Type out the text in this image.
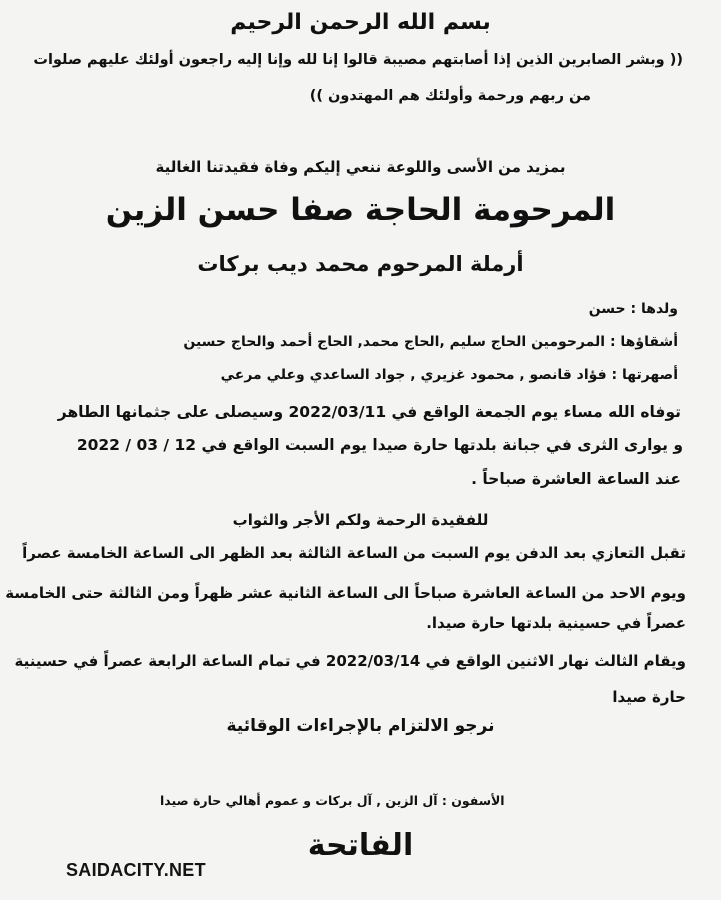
بسم الله الرحمن الرحيم
(( وبشر الصابرين الذين إذا أصابتهم مصيبة قالوا إنا لله وإنا إليه راجعون أولئك عليهم صلوات
من ربهم ورحمة وأولئك هم المهتدون ))
بمزيد من الأسى واللوعة ننعي إليكم وفاة فقيدتنا الغالية
المرحومة الحاجة صفا حسن الزين
أرملة المرحوم محمد ديب بركات
ولدها : حسن
أشقاؤها : المرحومين الحاج سليم ,الحاج محمد, الحاج أحمد والحاج حسين
أصهرتها : فؤاد قانصو , محمود غزيري , جواد الساعدي وعلي مرعي
توفاه الله مساء يوم الجمعة الواقع في 2022/03/11 وسيصلى على جثمانها الطاهر
و يوارى الثرى في جبانة بلدتها حارة صيدا يوم السبت الواقع في 12 / 03 / 2022
عند الساعة العاشرة صباحاً .
للفقيدة الرحمة ولكم الأجر والثواب
تقبل التعازي بعد الدفن يوم السبت من الساعة الثالثة بعد الظهر الى الساعة الخامسة عصراً
ويوم الاحد من الساعة العاشرة صباحاً الى الساعة الثانية عشر ظهراً ومن الثالثة حتى الخامسة
عصراً في حسينية بلدتها حارة صيدا.
ويقام الثالث نهار الاثنين الواقع في 2022/03/14 في تمام الساعة الرابعة عصراً في حسينية
حارة صيدا
نرجو الالتزام بالإجراءات الوقائية
الأسفون : آل الزين , آل بركات و عموم أهالي حارة صيدا
الفاتحة
SAIDACITY.NET
